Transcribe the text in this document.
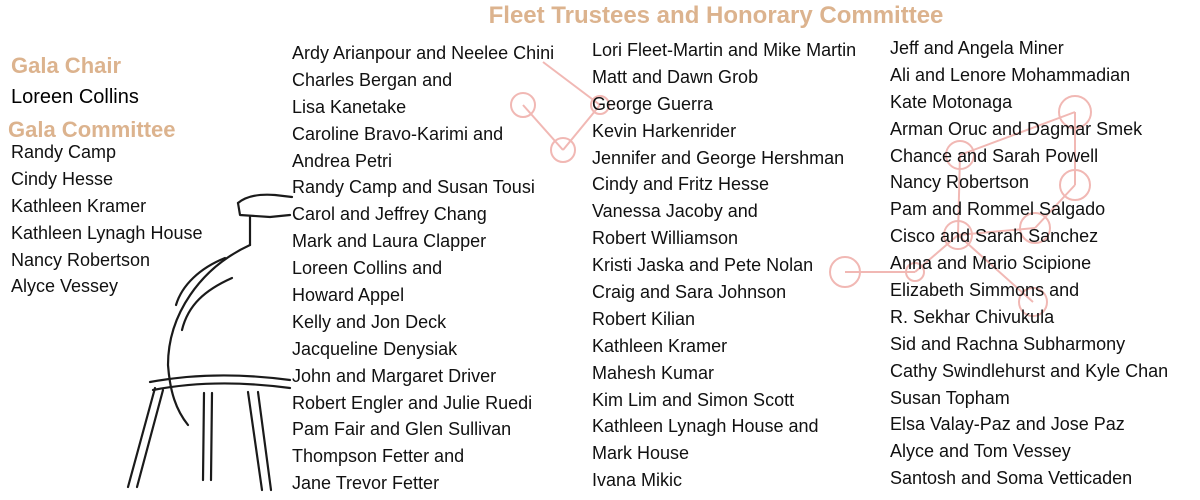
Fleet Trustees and Honorary Committee
Gala Chair
Loreen Collins
Gala Committee
Randy Camp
Cindy Hesse
Kathleen Kramer
Kathleen Lynagh House
Nancy Robertson
Alyce Vessey
Ardy Arianpour and Neelee Chini
Charles Bergan and
Lisa Kanetake
Caroline Bravo-Karimi and
Andrea Petri
Randy Camp and Susan Tousi
Carol and Jeffrey Chang
Mark and Laura Clapper
Loreen Collins and
Howard Appel
Kelly and Jon Deck
Jacqueline Denysiak
John and Margaret Driver
Robert Engler and Julie Ruedi
Pam Fair and Glen Sullivan
Thompson Fetter and
Jane Trevor Fetter
Lori Fleet-Martin and Mike Martin
Matt and Dawn Grob
George Guerra
Kevin Harkenrider
Jennifer and George Hershman
Cindy and Fritz Hesse
Vanessa Jacoby and
Robert Williamson
Kristi Jaska and Pete Nolan
Craig and Sara Johnson
Robert Kilian
Kathleen Kramer
Mahesh Kumar
Kim Lim and Simon Scott
Kathleen Lynagh House and
Mark House
Ivana Mikic
Jeff and Angela Miner
Ali and Lenore Mohammadian
Kate Motonaga
Arman Oruc and Dagmar Smek
Chance and Sarah Powell
Nancy Robertson
Pam and Rommel Salgado
Cisco and Sarah Sanchez
Anna and Mario Scipione
Elizabeth Simmons and
R. Sekhar Chivukula
Sid and Rachna Subharmony
Cathy Swindlehurst and Kyle Chan
Susan Topham
Elsa Valay-Paz and Jose Paz
Alyce and Tom Vessey
Santosh and Soma Vetticaden
